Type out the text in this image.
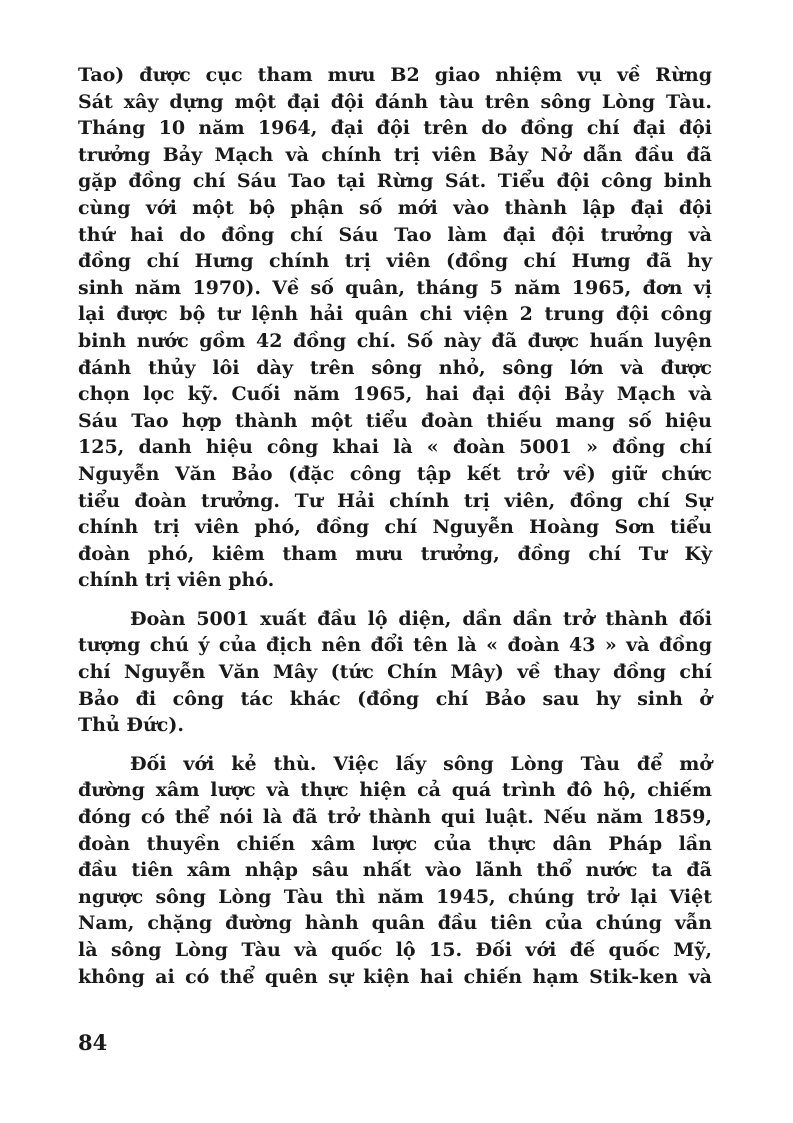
Tao) được cục tham mưu B2 giao nhiệm vụ về Rừng
Sát xây dựng một đại đội đánh tàu trên sông Lòng Tàu.
Tháng 10 năm 1964, đại đội trên do đồng chí đại đội
trưởng Bảy Mạch và chính trị viên Bảy Nở dẫn đầu đã
gặp đồng chí Sáu Tao tại Rừng Sát. Tiểu đội công binh
cùng với một bộ phận số mới vào thành lập đại đội
thứ hai do đồng chí Sáu Tao làm đại đội trưởng và
đồng chí Hưng chính trị viên (đồng chí Hưng đã hy
sinh năm 1970). Về số quân, tháng 5 năm 1965, đơn vị
lại được bộ tư lệnh hải quân chi viện 2 trung đội công
binh nước gồm 42 đồng chí. Số này đã được huấn luyện
đánh thủy lôi dày trên sông nhỏ, sông lớn và được
chọn lọc kỹ. Cuối năm 1965, hai đại đội Bảy Mạch và
Sáu Tao hợp thành một tiểu đoàn thiếu mang số hiệu
125, danh hiệu công khai là « đoàn 5001 » đồng chí
Nguyễn Văn Bảo (đặc công tập kết trở về) giữ chức
tiểu đoàn trưởng. Tư Hải chính trị viên, đồng chí Sự
chính trị viên phó, đồng chí Nguyễn Hoàng Sơn tiểu
đoàn phó, kiêm tham mưu trưởng, đồng chí Tư Kỳ
chính trị viên phó.
Đoàn 5001 xuất đầu lộ diện, dần dần trở thành đối
tượng chú ý của địch nên đổi tên là « đoàn 43 » và đồng
chí Nguyễn Văn Mây (tức Chín Mây) về thay đồng chí
Bảo đi công tác khác (đồng chí Bảo sau hy sinh ở
Thủ Đức).
Đối với kẻ thù. Việc lấy sông Lòng Tàu để mở
đường xâm lược và thực hiện cả quá trình đô hộ, chiếm
đóng có thể nói là đã trở thành qui luật. Nếu năm 1859,
đoàn thuyền chiến xâm lược của thực dân Pháp lần
đầu tiên xâm nhập sâu nhất vào lãnh thổ nước ta đã
ngược sông Lòng Tàu thì năm 1945, chúng trở lại Việt
Nam, chặng đường hành quân đầu tiên của chúng vẫn
là sông Lòng Tàu và quốc lộ 15. Đối với đế quốc Mỹ,
không ai có thể quên sự kiện hai chiến hạm Stik-ken và
84
